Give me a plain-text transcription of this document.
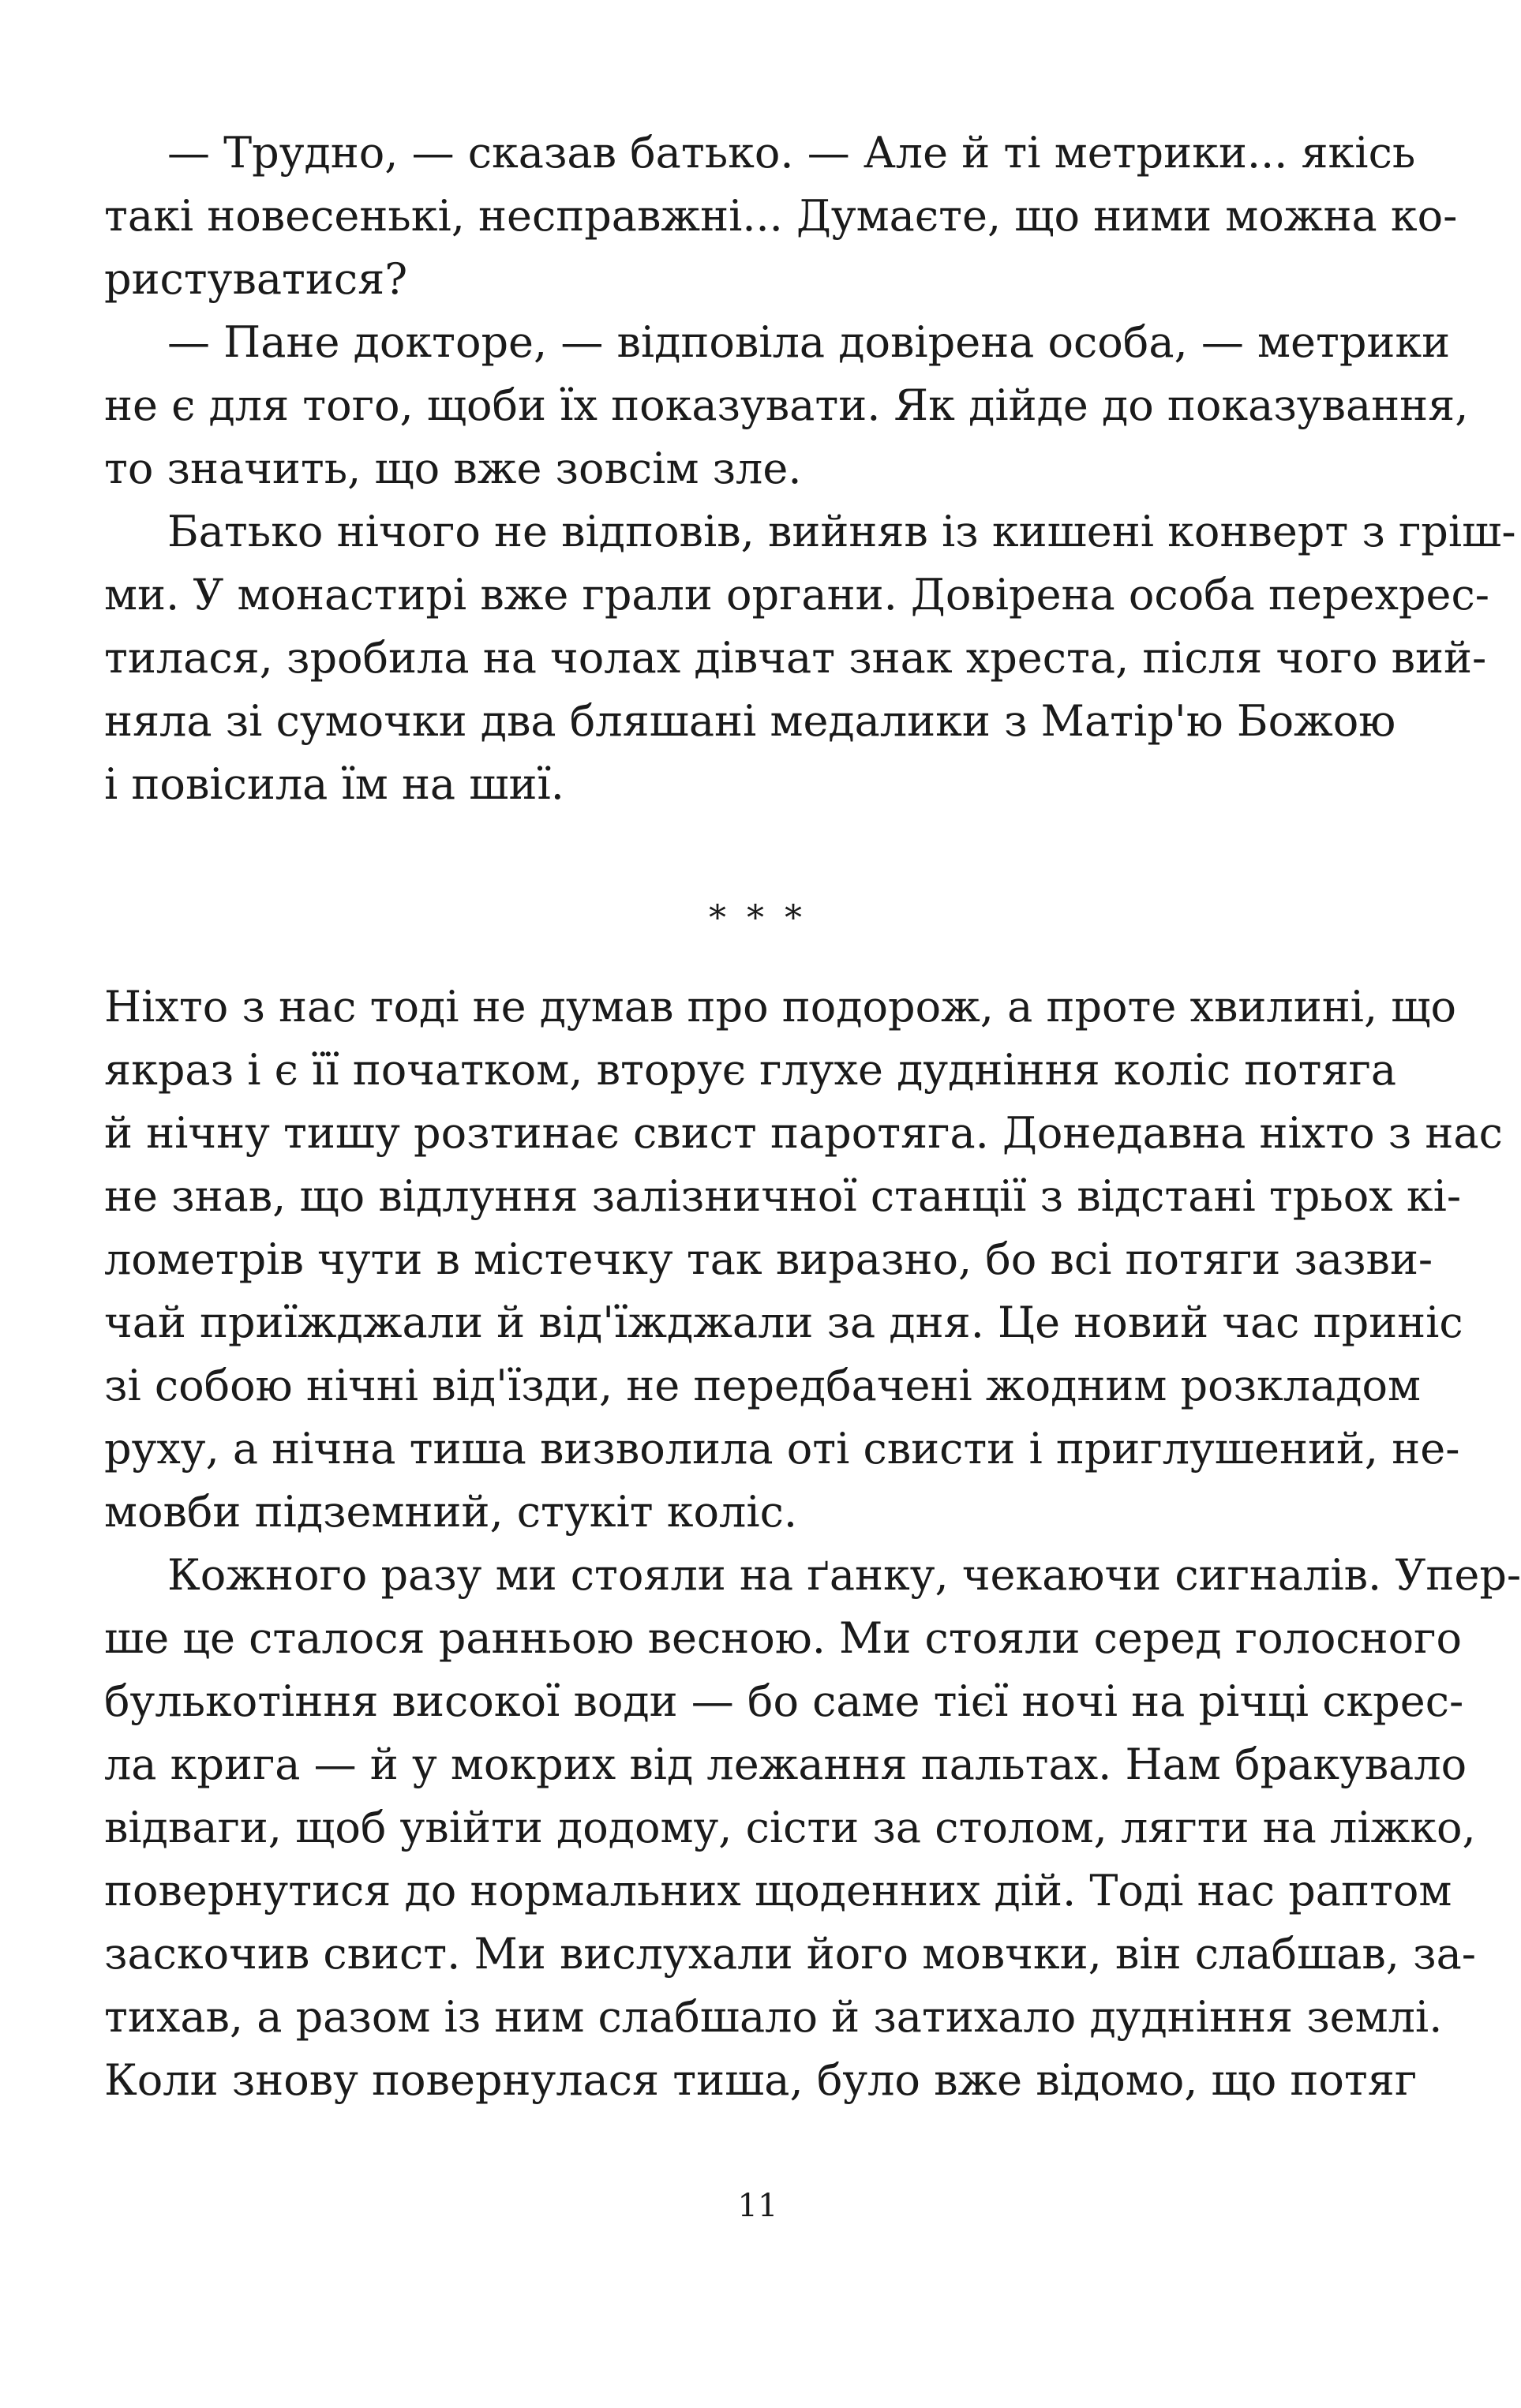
— Трудно, — сказав батько. — Але й ті метрики... якісь
такі новесенькі, несправжні... Думаєте, що ними можна ко-
ристуватися?
— Пане докторе, — відповіла довірена особа, — метрики
не є для того, щоби їх показувати. Як дійде до показування,
то значить, що вже зовсім зле.
Батько нічого не відповів, вийняв із кишені конверт з гріш-
ми. У монастирі вже грали органи. Довірена особа перехрес-
тилася, зробила на чолах дівчат знак хреста, після чого вий-
няла зі сумочки два бляшані медалики з Матір'ю Божою
і повісила їм на шиї.
* * *
Ніхто з нас тоді не думав про подорож, а проте хвилині, що
якраз і є її початком, вторує глухе дудніння коліс потяга
й нічну тишу розтинає свист паротяга. Донедавна ніхто з нас
не знав, що відлуння залізничної станції з відстані трьох кі-
лометрів чути в містечку так виразно, бо всі потяги зазви-
чай приїжджали й від'їжджали за дня. Це новий час приніс
зі собою нічні від'їзди, не передбачені жодним розкладом
руху, а нічна тиша визволила оті свисти і приглушений, не-
мовби підземний, стукіт коліс.
Кожного разу ми стояли на ґанку, чекаючи сигналів. Упер-
ше це сталося ранньою весною. Ми стояли серед голосного
булькотіння високої води — бо саме тієї ночі на річці скрес-
ла крига — й у мокрих від лежання пальтах. Нам бракувало
відваги, щоб увійти додому, сісти за столом, лягти на ліжко,
повернутися до нормальних щоденних дій. Тоді нас раптом
заскочив свист. Ми вислухали його мовчки, він слабшав, за-
тихав, а разом із ним слабшало й затихало дудніння землі.
Коли знову повернулася тиша, було вже відомо, що потяг
11
